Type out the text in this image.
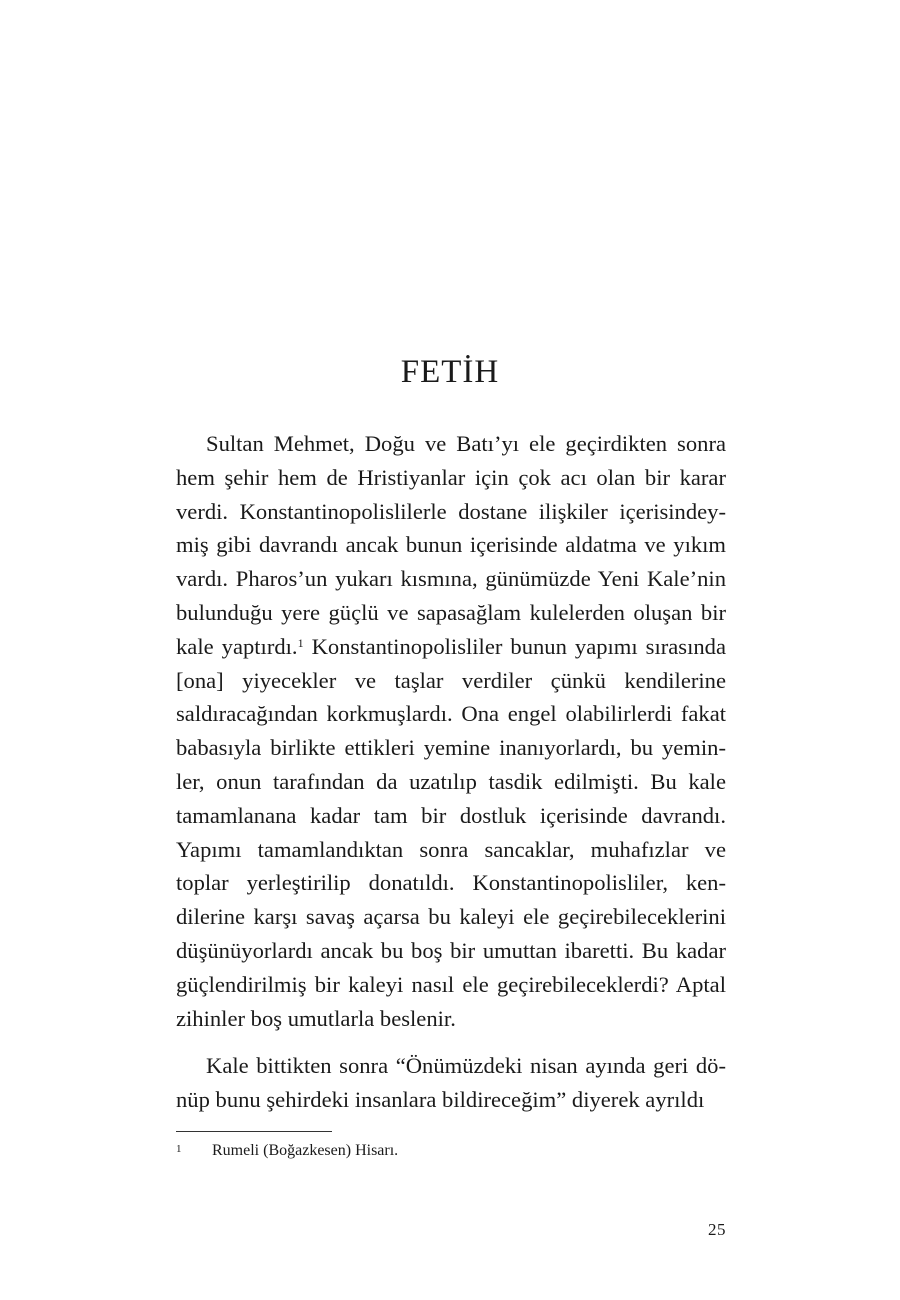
FETİH

Sultan Mehmet, Doğu ve Batı’yı ele geçirdikten sonra hem şehir hem de Hristiyanlar için çok acı olan bir karar verdi. Konstantinopolislilerle dostane ilişkiler içerisindeymiş gibi davrandı ancak bunun içerisinde aldatma ve yıkım vardı. Pharos’un yukarı kısmına, günümüzde Yeni Kale’nin bulunduğu yere güçlü ve sapasağlam kulelerden oluşan bir kale yaptırdı.$^1$ Konstantinopolisliler bunun yapımı sırasında [ona] yiyecekler ve taşlar verdiler çünkü kendilerine saldıracağından korkmuşlardı. Ona engel olabilirlerdi fakat babasıyla birlikte ettikleri yemine inanıyorlardı, bu yeminler, onun tarafından da uzatılıp tasdik edilmişti. Bu kale tamamlanana kadar tam bir dostluk içerisinde davrandı. Yapımı tamamlandıktan sonra sancaklar, muhafızlar ve toplar yerleştirilip donatıldı. Konstantinopolisliler, kendilerine karşı savaş açarsa bu kaleyi ele geçirebileceklerini düşünüyorlardı ancak bu boş bir umuttan ibaretti. Bu kadar güçlendirilmiş bir kaleyi nasıl ele geçirebileceklerdi? Aptal zihinler boş umutlarla beslenir.

Kale bittikten sonra “Önümüzdeki nisan ayında geri dönüp bunu şehirdeki insanlara bildireceğim” diyerek ayrıldı

1 Rumeli (Boğazkesen) Hisarı.
25
